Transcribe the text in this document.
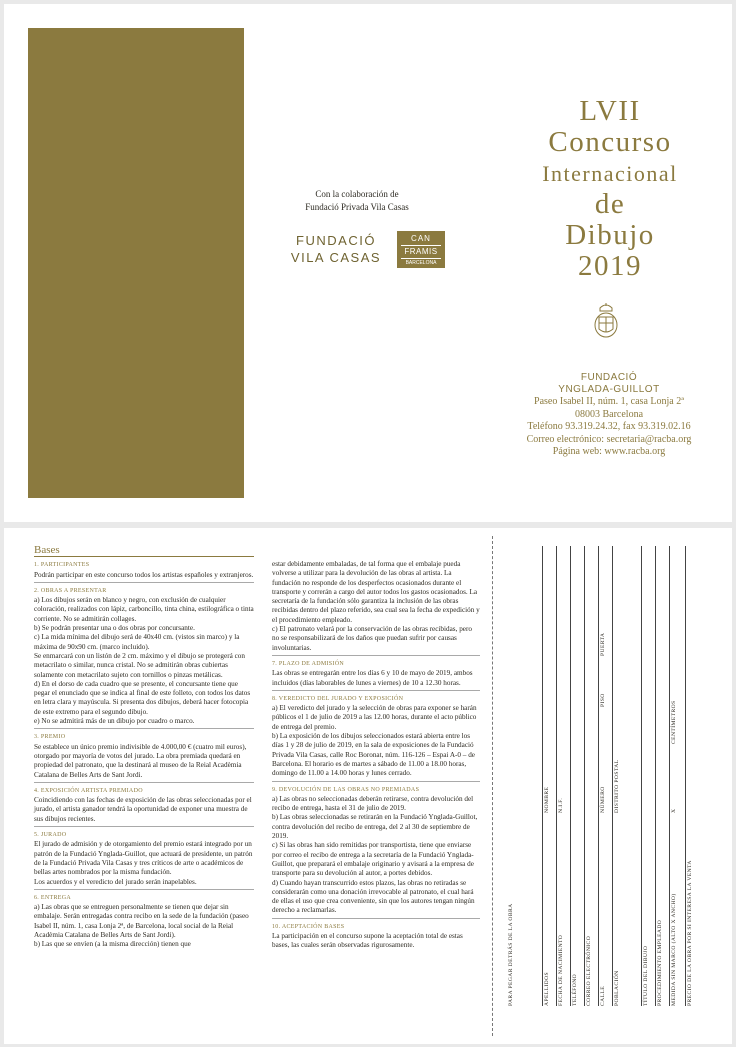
Con la colaboración de
Fundació Privada Vila Casas
FUNDACIÓ
VILA CASAS
CAN
FRAMIS
BARCELONA
LVII
Concurso
Internacional
de
Dibujo
2019
FUNDACIÓ
YNGLADA-GUILLOT
Paseo Isabel II, núm. 1, casa Lonja 2ª
08003 Barcelona
Teléfono 93.319.24.32, fax 93.319.02.16
Correo electrónico: secretaria@racba.org
Página web: www.racba.org
Bases
1. PARTICIPANTES

Podrán participar en este concurso todos los artistas españoles y extranjeros.

2. OBRAS A PRESENTAR

a) Los dibujos serán en blanco y negro, con exclusión de cualquier coloración, realizados con lápiz, carboncillo, tinta china, estilográfica o tinta corriente. No se admitirán collages.

b) Se podrán presentar una o dos obras por concursante.

c) La mida mínima del dibujo será de 40x40 cm. (vistos sin marco) y la máxima de 90x90 cm. (marco incluido).

Se enmarcará con un listón de 2 cm. máximo y el dibujo se protegerá con metacrilato o similar, nunca cristal. No se admitirán obras cubiertas solamente con metacrilato sujeto con tornillos o pinzas metálicas.

d) En el dorso de cada cuadro que se presente, el concursante tiene que pegar el enunciado que se indica al final de este folleto, con todos los datos en letra clara y mayúscula. Si presenta dos dibujos, deberá hacer fotocopia de este extremo para el segundo dibujo.

e) No se admitirá más de un dibujo por cuadro o marco.

3. PREMIO

Se establece un único premio indivisible de 4.000,00 € (cuatro mil euros), otorgado por mayoría de votos del jurado. La obra premiada quedará en propiedad del patronato, que la destinará al museo de la Reial Acadèmia Catalana de Belles Arts de Sant Jordi.

4. EXPOSICIÓN ARTISTA PREMIADO

Coincidiendo con las fechas de exposición de las obras seleccionadas por el jurado, el artista ganador tendrá la oportunidad de exponer una muestra de sus dibujos recientes.

5. JURADO

El jurado de admisión y de otorgamiento del premio estará integrado por un patrón de la Fundació Ynglada-Guillot, que actuará de presidente, un patrón de la Fundació Privada Vila Casas y tres críticos de arte o académicos de bellas artes nombrados por la misma fundación.

Los acuerdos y el veredicto del jurado serán inapelables.

6. ENTREGA

a) Las obras que se entreguen personalmente se tienen que dejar sin embalaje. Serán entregadas contra recibo en la sede de la fundación (paseo Isabel II, núm. 1, casa Lonja 2ª, de Barcelona, local social de la Reial Acadèmia Catalana de Belles Arts de Sant Jordi).

b) Las que se envíen (a la misma dirección) tienen que

estar debidamente embaladas, de tal forma que el embalaje pueda volverse a utilizar para la devolución de las obras al artista. La fundación no responde de los desperfectos ocasionados durante el transporte y correrán a cargo del autor todos los gastos ocasionados. La secretaría de la fundación sólo garantiza la inclusión de las obras recibidas dentro del plazo referido, sea cual sea la fecha de expedición y el procedimiento empleado.

c) El patronato velará por la conservación de las obras recibidas, pero no se responsabilizará de los daños que puedan sufrir por causas involuntarias.

7. PLAZO DE ADMISIÓN

Las obras se entregarán entre los días 6 y 10 de mayo de 2019, ambos incluidos (días laborables de lunes a viernes) de 10 a 12.30 horas.

8. VEREDICTO DEL JURADO Y EXPOSICIÓN

a) El veredicto del jurado y la selección de obras para exponer se harán públicos el 1 de julio de 2019 a las 12.00 horas, durante el acto público de entrega del premio.

b) La exposición de los dibujos seleccionados estará abierta entre los días 1 y 28 de julio de 2019, en la sala de exposiciones de la Fundació Privada Vila Casas, calle Roc Boronat, núm. 116-126 – Espai A-0 – de Barcelona. El horario es de martes a sábado de 11.00 a 18.00 horas, domingo de 11.00 a 14.00 horas y lunes cerrado.

9. DEVOLUCIÓN DE LAS OBRAS NO PREMIADAS

a) Las obras no seleccionadas deberán retirarse, contra devolución del recibo de entrega, hasta el 31 de julio de 2019.

b) Las obras seleccionadas se retirarán en la Fundació Ynglada-Guillot, contra devolución del recibo de entrega, del 2 al 30 de septiembre de 2019.

c) Si las obras han sido remitidas por transportista, tiene que enviarse por correo el recibo de entrega a la secretaría de la Fundació Ynglada-Guillot, que preparará el embalaje originario y avisará a la empresa de transporte para su devolución al autor, a portes debidos.

d) Cuando hayan transcurrido estos plazos, las obras no retiradas se considerarán como una donación irrevocable al patronato, el cual hará de ellas el uso que crea conveniente, sin que los autores tengan ningún derecho a reclamarlas.

10. ACEPTACIÓN BASES

La participación en el concurso supone la aceptación total de estas bases, las cuales serán observadas rigurosamente.	PARA PEGAR DETRÁS DE LA OBRA	APELLIDOS
NOMBRE
FECHA DE NACIMIENTO
N.I.F.
TELÉFONO CORREO ELECTRÓNICO CALLE
NÚMERO
PISO
PUERTA
POBLACIÓN
DISTRITO POSTAL
TÍTULO DEL DIBUJO PROCEDIMIENTO EMPLEADO MEDIDA SIN MARCO (ALTO X ANCHO)
X
CENTÍMETROS
PRECIO DE LA OBRA POR SI INTERESA LA VENTA
